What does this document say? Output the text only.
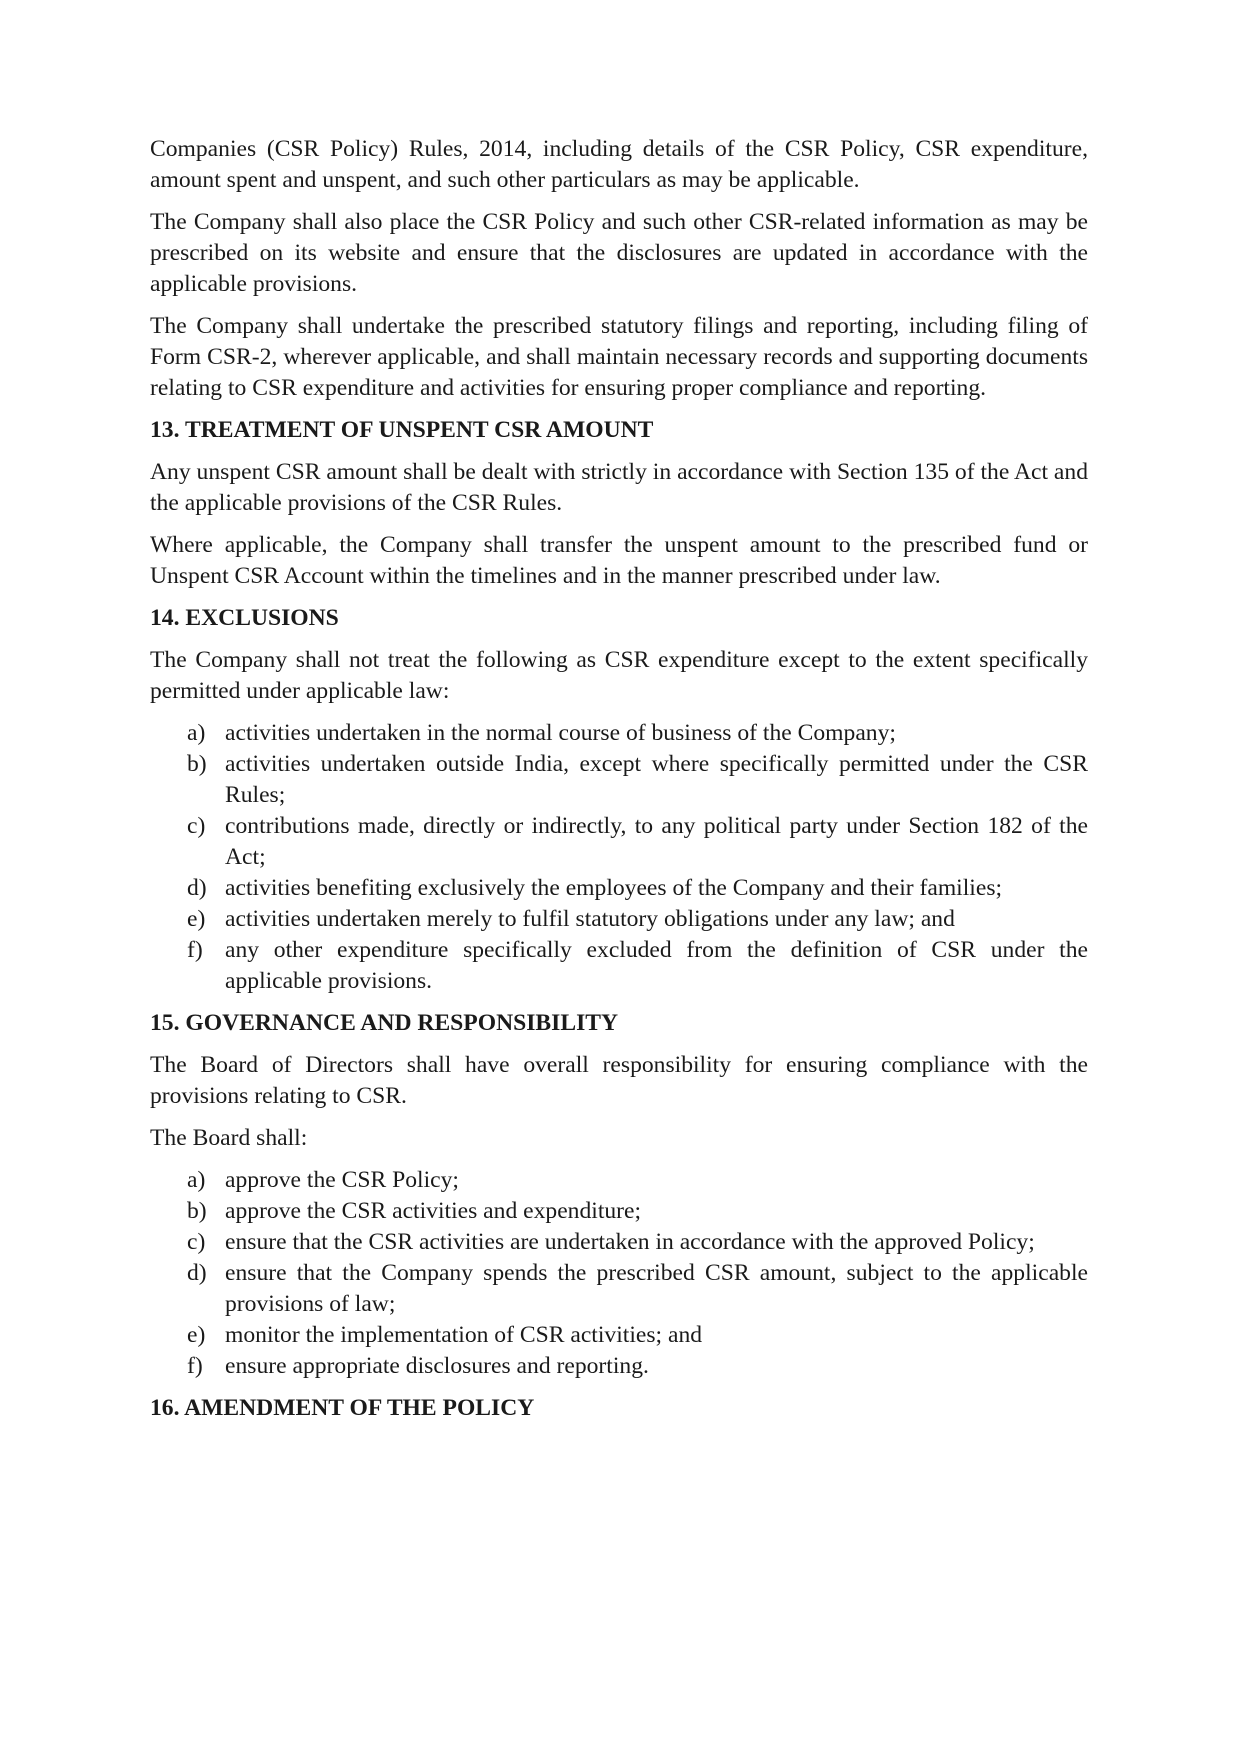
Companies (CSR Policy) Rules, 2014, including details of the CSR Policy, CSR expenditure, amount spent and unspent, and such other particulars as may be applicable.

The Company shall also place the CSR Policy and such other CSR-related information as may be prescribed on its website and ensure that the disclosures are updated in accordance with the applicable provisions.

The Company shall undertake the prescribed statutory filings and reporting, including filing of Form CSR-2, wherever applicable, and shall maintain necessary records and supporting documents relating to CSR expenditure and activities for ensuring proper compliance and reporting.

13. TREATMENT OF UNSPENT CSR AMOUNT

Any unspent CSR amount shall be dealt with strictly in accordance with Section 135 of the Act and the applicable provisions of the CSR Rules.

Where applicable, the Company shall transfer the unspent amount to the prescribed fund or Unspent CSR Account within the timelines and in the manner prescribed under law.

14. EXCLUSIONS

The Company shall not treat the following as CSR expenditure except to the extent specifically permitted under applicable law:

a) activities undertaken in the normal course of business of the Company;
b) activities undertaken outside India, except where specifically permitted under the CSR Rules;
c) contributions made, directly or indirectly, to any political party under Section 182 of the Act;
d) activities benefiting exclusively the employees of the Company and their families;
e) activities undertaken merely to fulfil statutory obligations under any law; and
f) any other expenditure specifically excluded from the definition of CSR under the applicable provisions.
15. GOVERNANCE AND RESPONSIBILITY

The Board of Directors shall have overall responsibility for ensuring compliance with the provisions relating to CSR.

The Board shall:

a) approve the CSR Policy;
b) approve the CSR activities and expenditure;
c) ensure that the CSR activities are undertaken in accordance with the approved Policy;
d) ensure that the Company spends the prescribed CSR amount, subject to the applicable provisions of law;
e) monitor the implementation of CSR activities; and
f) ensure appropriate disclosures and reporting.
16. AMENDMENT OF THE POLICY
